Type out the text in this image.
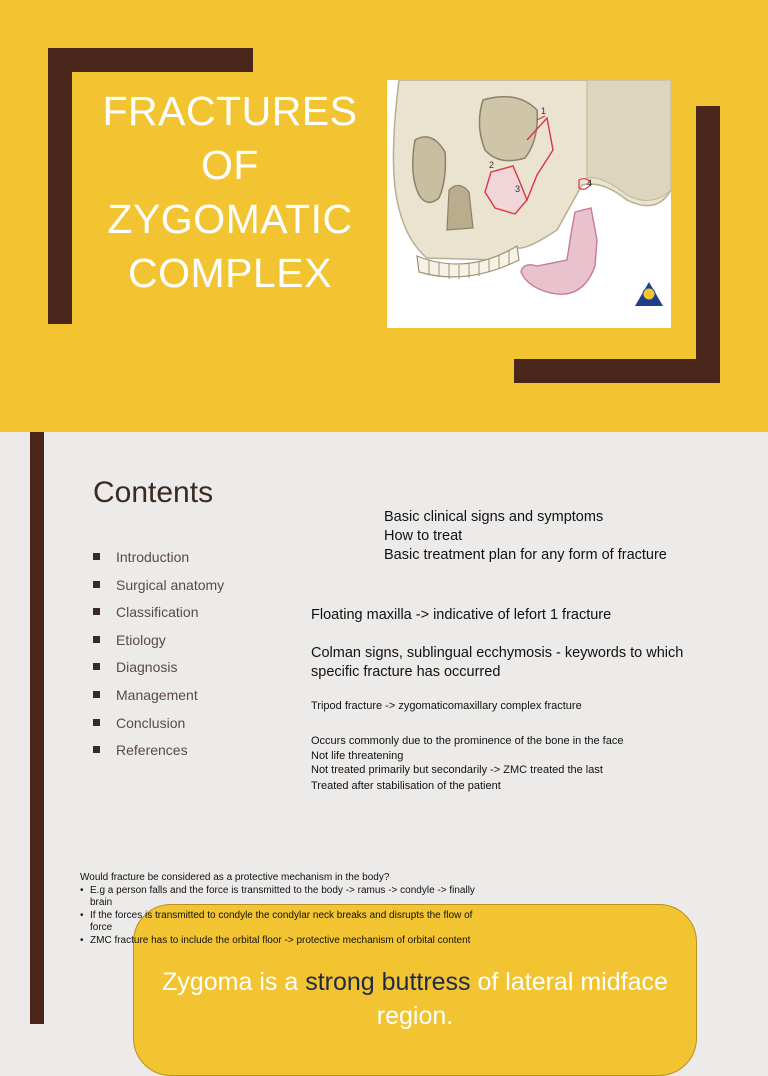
FRACTURES
OF
ZYGOMATIC
COMPLEX
1
2
3
4
Contents
Introduction
Surgical anatomy
Classification
Etiology
Diagnosis
Management
Conclusion
References
Basic clinical signs and symptoms
How to treat
Basic treatment plan for any form of fracture
Floating maxilla -> indicative of lefort 1 fracture
Colman signs, sublingual ecchymosis - keywords to which specific fracture has occurred
Tripod fracture -> zygomaticomaxillary complex fracture
Occurs commonly due to the prominence of the bone in the face
Not life threatening
Not treated primarily but secondarily -> ZMC treated the last
Treated after stabilisation of the patient
Zygoma is a strong buttress of lateral midface region.
Would fracture be considered as a protective mechanism in the body?
• E.g a person falls and the force is transmitted to the body -> ramus -> condyle -> finally brain
• If the forces is transmitted to condyle the condylar neck breaks and disrupts the flow of force
• ZMC fracture has to include the orbital floor -> protective mechanism of orbital content
